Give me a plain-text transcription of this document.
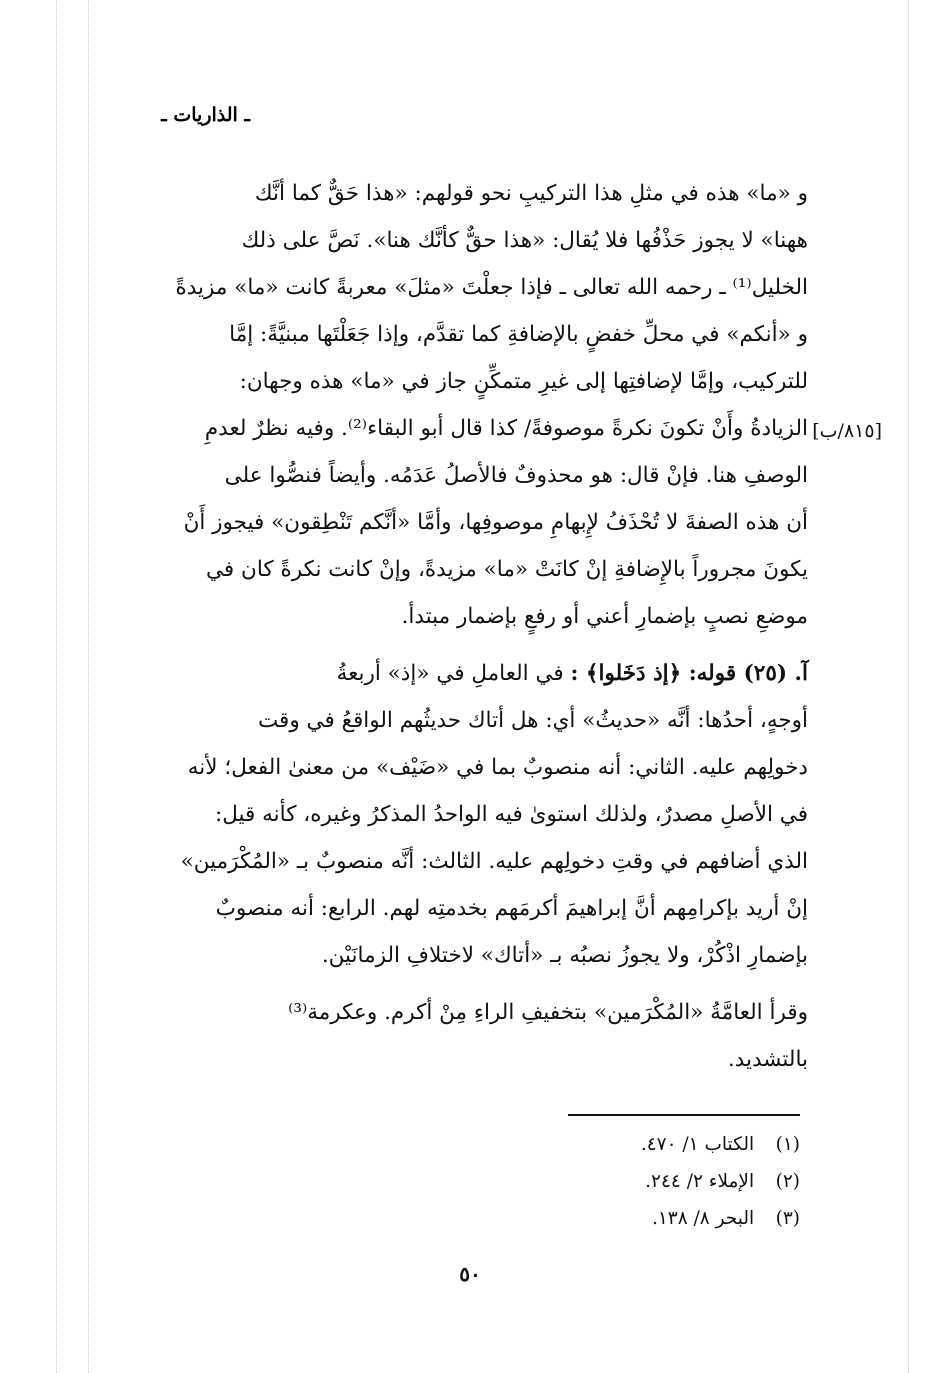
ـ الذاريات ـ
[٨١٥/ب]

و «ما» هذه في مثلِ هذا التركيبِ نحو قولهم: «هذا حَقٌّ كما أنَّك

ههنا» لا يجوز حَذْفُها فلا يُقال: «هذا حقٌّ كأنَّك هنا». نَصَّ على ذلك

الخليل⁽¹⁾ ـ رحمه الله تعالى ـ فإذا جعلْتَ «مثلَ» معربةً كانت «ما» مزيدةً

و «أنكم» في محلِّ خفضٍ بالإضافةِ كما تقدَّم، وإذا جَعَلْتَها مبنيَّةً: إمَّا

للتركيب، وإمَّا لإضافتِها إلى غيرِ متمكِّنٍ جاز في «ما» هذه وجهان:

الزيادةُ وأَنْ تكونَ نكرةً موصوفةً/ كذا قال أبو البقاء⁽²⁾. وفيه نظرٌ لعدمِ

الوصفِ هنا. فإنْ قال: هو محذوفٌ فالأصلُ عَدَمُه. وأيضاً فنصُّوا على

أن هذه الصفةَ لا تُحْذَفُ لإِبهامِ موصوفِها، وأمَّا «أنَّكم تَنْطِقون» فيجوز أَنْ

يكونَ مجروراً بالإِضافةِ إنْ كانَتْ «ما» مزيدةً، وإنْ كانت نكرةً كان في

موضعِ نصبٍ بإضمارِ أعني أو رفعٍ بإضمار مبتدأ.

آ. (٢٥) قوله: ﴿إذ دَخَلوا﴾ : في العاملِ في «إذ» أربعةُ

أوجهٍ، أحدُها: أنَّه «حديثُ» أي: هل أتاك حديثُهم الواقعُ في وقت

دخولِهم عليه. الثاني: أنه منصوبٌ بما في «ضَيْف» من معنىٰ الفعل؛ لأنه

في الأصلِ مصدرٌ، ولذلك استوىٰ فيه الواحدُ المذكرُ وغيره، كأنه قيل:

الذي أضافهم في وقتِ دخولِهم عليه. الثالث: أنَّه منصوبٌ بـ «المُكْرَمين»

إنْ أريد بإكرامِهم أنَّ إبراهيمَ أكرمَهم بخدمتِه لهم. الرابع: أنه منصوبٌ

بإضمارِ اذْكُرْ، ولا يجوزُ نصبُه بـ «أتاك» لاختلافِ الزمانَيْن.

وقرأ العامَّةُ «المُكْرَمين» بتخفيفِ الراءِ مِنْ أكرم. وعكرمة⁽³⁾

بالتشديد.

(١) الكتاب ١/ ٤٧٠.
(٢) الإملاء ٢/ ٢٤٤.
(٣) البحر ٨/ ١٣٨.
٥٠
